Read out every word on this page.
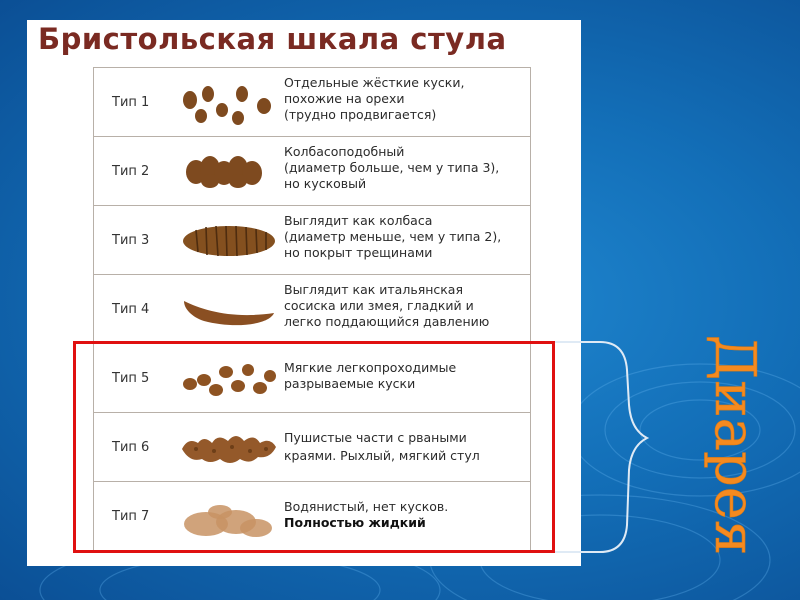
Бристольская шкала стула
Тип 1
Отдельные жёсткие куски,
похожие на орехи
(трудно продвигается)
Тип 2
Колбасоподобный
(диаметр больше, чем у типа 3),
но кусковый
Тип 3
Выглядит как колбаса
(диаметр меньше, чем у типа 2),
но покрыт трещинами
Тип 4
Выглядит как итальянская
сосиска или змея, гладкий и
легко поддающийся давлению
Тип 5
Мягкие легкопроходимые
разрываемые куски
Тип 6
Пушистые части с рваными
краями. Рыхлый, мягкий стул
Тип 7
Водянистый, нет кусков.
Полностью жидкий	Диарея
